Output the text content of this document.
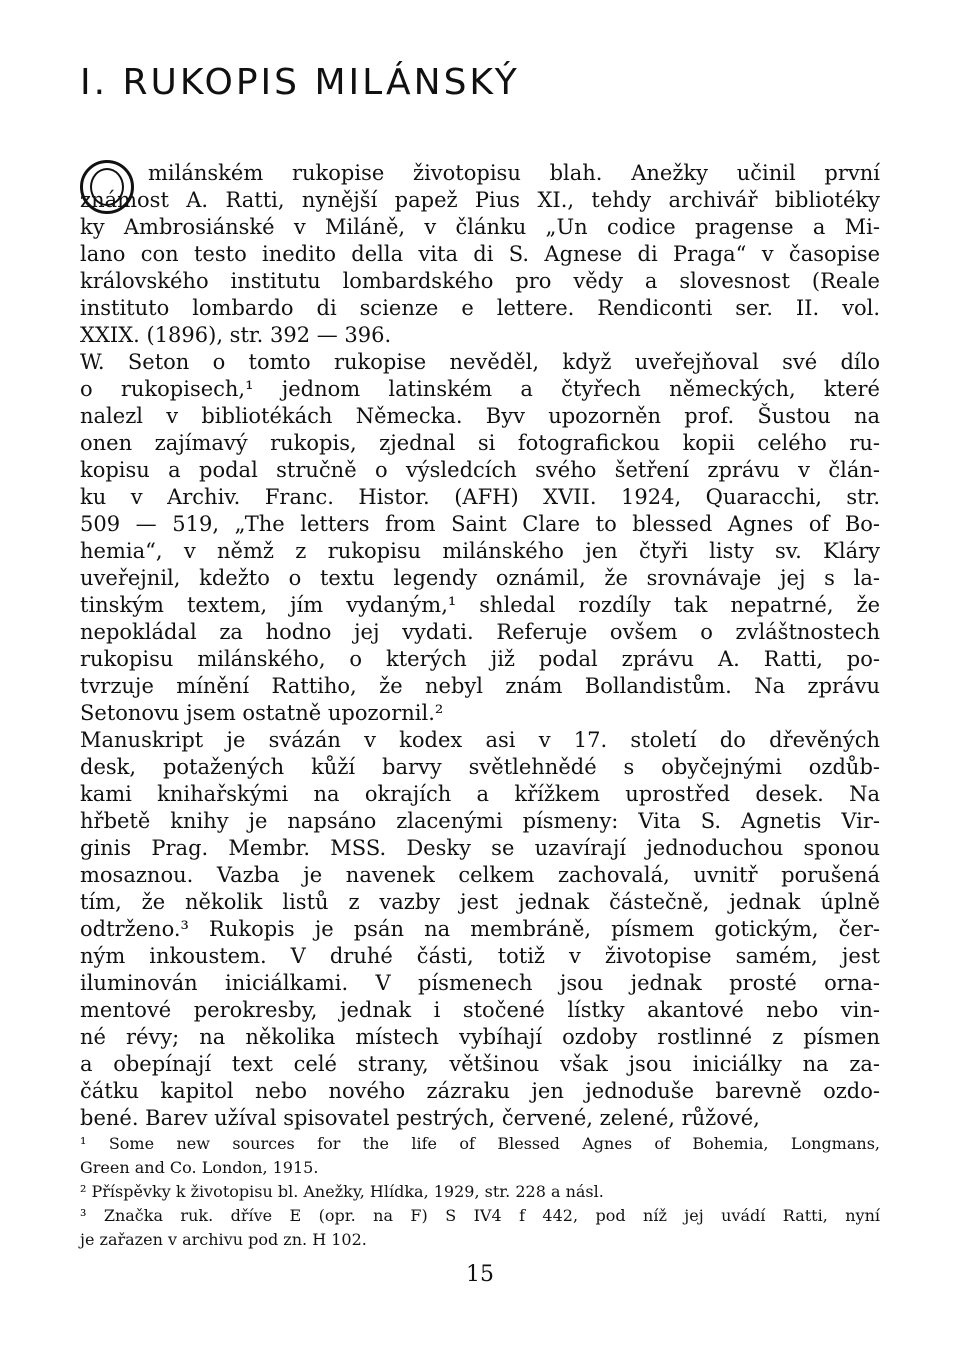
I. RUKOPIS MILÁNSKÝ
milánském rukopise životopisu blah. Anežky učinil první
známost A. Ratti, nynější papež Pius XI., tehdy archivář bibliotéky
ky Ambrosiánské v Miláně, v článku „Un codice pragense a Mi-
lano con testo inedito della vita di S. Agnese di Praga“ v časopise
královského institutu lombardského pro vědy a slovesnost (Reale
instituto lombardo di scienze e lettere. Rendiconti ser. II. vol.
XXIX. (1896), str. 392 — 396.
W. Seton o tomto rukopise nevěděl, když uveřejňoval své dílo
o rukopisech,¹ jednom latinském a čtyřech německých, které
nalezl v bibliotékách Německa. Byv upozorněn prof. Šustou na
onen zajímavý rukopis, zjednal si fotografickou kopii celého ru-
kopisu a podal stručně o výsledcích svého šetření zprávu v člán-
ku v Archiv. Franc. Histor. (AFH) XVII. 1924, Quaracchi, str.
509 — 519, „The letters from Saint Clare to blessed Agnes of Bo-
hemia“, v němž z rukopisu milánského jen čtyři listy sv. Kláry
uveřejnil, kdežto o textu legendy oznámil, že srovnávaje jej s la-
tinským textem, jím vydaným,¹ shledal rozdíly tak nepatrné, že
nepokládal za hodno jej vydati. Referuje ovšem o zvláštnostech
rukopisu milánského, o kterých již podal zprávu A. Ratti, po-
tvrzuje mínění Rattiho, že nebyl znám Bollandistům. Na zprávu
Setonovu jsem ostatně upozornil.²
Manuskript je svázán v kodex asi v 17. století do dřevěných
desk, potažených kůží barvy světlehnědé s obyčejnými ozdůb-
kami knihařskými na okrajích a křížkem uprostřed desek. Na
hřbetě knihy je napsáno zlacenými písmeny: Vita S. Agnetis Vir-
ginis Prag. Membr. MSS. Desky se uzavírají jednoduchou sponou
mosaznou. Vazba je navenek celkem zachovalá, uvnitř porušená
tím, že několik listů z vazby jest jednak částečně, jednak úplně
odtrženo.³ Rukopis je psán na membráně, písmem gotickým, čer-
ným inkoustem. V druhé části, totiž v životopise samém, jest
iluminován iniciálkami. V písmenech jsou jednak prosté orna-
mentové perokresby, jednak i stočené lístky akantové nebo vin-
né révy; na několika místech vybíhají ozdoby rostlinné z písmen
a obepínají text celé strany, většinou však jsou iniciálky na za-
čátku kapitol nebo nového zázraku jen jednoduše barevně ozdo-
bené. Barev užíval spisovatel pestrých, červené, zelené, růžové,
¹ Some new sources for the life of Blessed Agnes of Bohemia, Longmans,
Green and Co. London, 1915.
² Příspěvky k životopisu bl. Anežky, Hlídka, 1929, str. 228 a násl.
³ Značka ruk. dříve E (opr. na F) S IV4 f 442, pod níž jej uvádí Ratti, nyní
je zařazen v archivu pod zn. H 102.
15
